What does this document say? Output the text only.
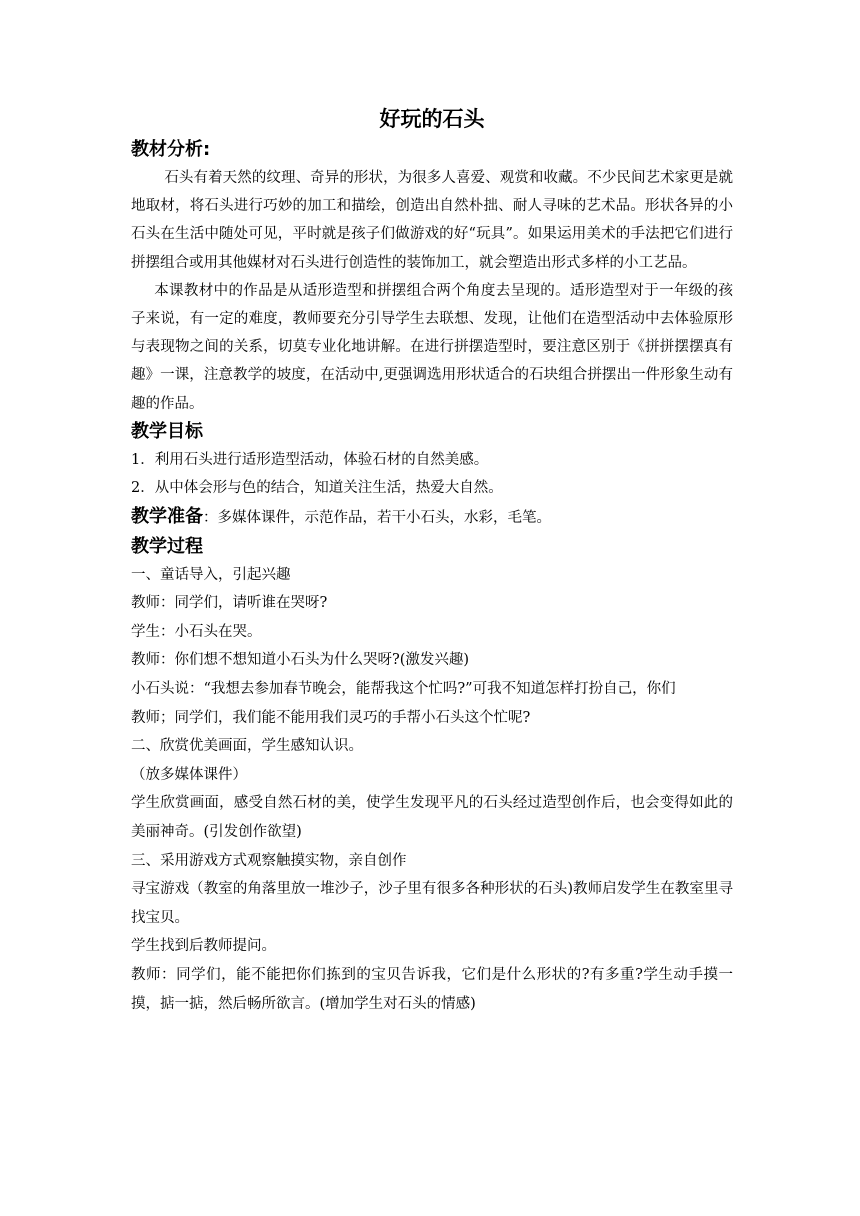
好玩的石头
教材分析:

石头有着天然的纹理、奇异的形状，为很多人喜爱、观赏和收藏。不少民间艺术家更是就地取材，将石头进行巧妙的加工和描绘，创造出自然朴拙、耐人寻味的艺术品。形状各异的小石头在生活中随处可见，平时就是孩子们做游戏的好“玩具”。如果运用美术的手法把它们进行拼摆组合或用其他媒材对石头进行创造性的装饰加工，就会塑造出形式多样的小工艺品。

本课教材中的作品是从适形造型和拼摆组合两个角度去呈现的。适形造型对于一年级的孩子来说，有一定的难度，教师要充分引导学生去联想、发现，让他们在造型活动中去体验原形与表现物之间的关系，切莫专业化地讲解。在进行拼摆造型时，要注意区别于《拼拼摆摆真有趣》一课，注意教学的坡度，在活动中,更强调选用形状适合的石块组合拼摆出一件形象生动有趣的作品。

教学目标

1．利用石头进行适形造型活动，体验石材的自然美感。

2．从中体会形与色的结合，知道关注生活，热爱大自然。

教学准备：多媒体课件，示范作品，若干小石头，水彩，毛笔。

教学过程

一、童话导入，引起兴趣

教师：同学们，请听谁在哭呀?

学生：小石头在哭。

教师：你们想不想知道小石头为什么哭呀?(激发兴趣)

小石头说：“我想去参加春节晚会，能帮我这个忙吗?”可我不知道怎样打扮自己，你们

教师；同学们，我们能不能用我们灵巧的手帮小石头这个忙呢?

二、欣赏优美画面，学生感知认识。

（放多媒体课件）

学生欣赏画面，感受自然石材的美，使学生发现平凡的石头经过造型创作后，也会变得如此的美丽神奇。(引发创作欲望)

三、采用游戏方式观察触摸实物，亲自创作

寻宝游戏（教室的角落里放一堆沙子，沙子里有很多各种形状的石头)教师启发学生在教室里寻找宝贝。

学生找到后教师提问。

教师：同学们，能不能把你们拣到的宝贝告诉我，它们是什么形状的?有多重?学生动手摸一摸，掂一掂，然后畅所欲言。(增加学生对石头的情感)
